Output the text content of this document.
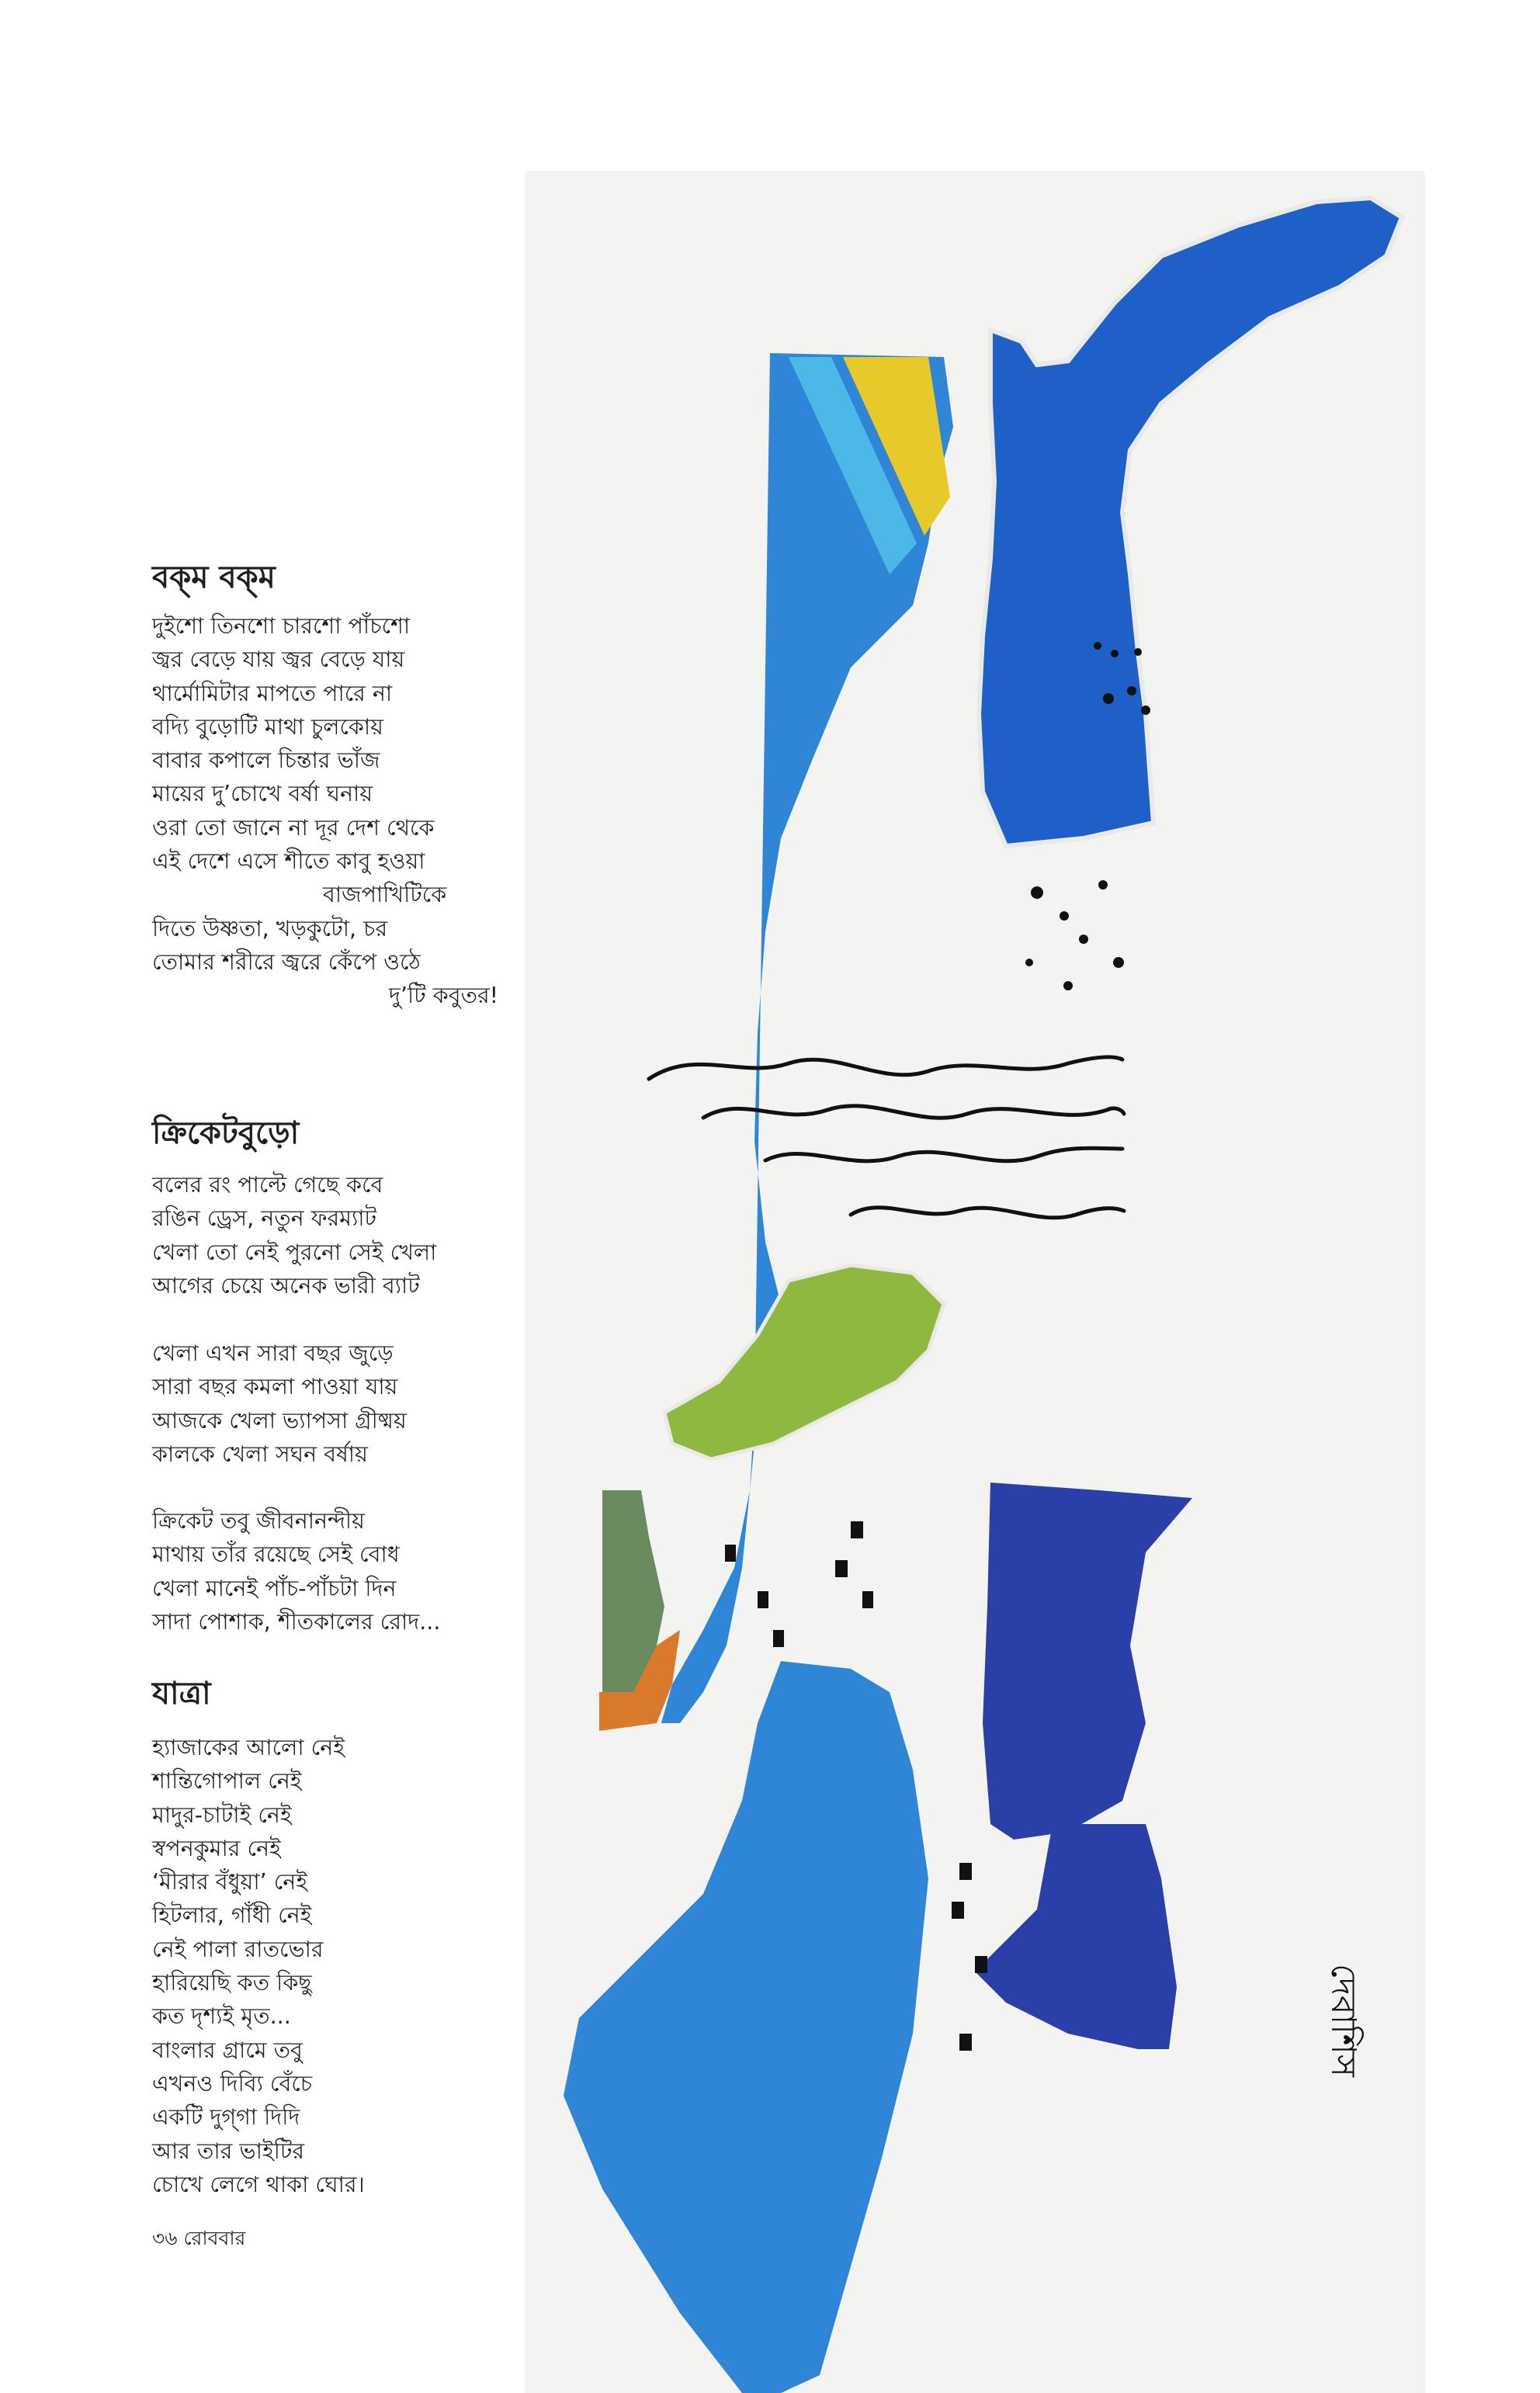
বক্‌ম বক্‌ম
দুইশো তিনশো চারশো পাঁচশো
জ্বর বেড়ে যায় জ্বর বেড়ে যায়
থার্মোমিটার মাপতে পারে না
বদ্যি বুড়োটি মাথা চুলকোয়
বাবার কপালে চিন্তার ভাঁজ
মায়ের দু’চোখে বর্ষা ঘনায়
ওরা তো জানে না দূর দেশ থেকে
এই দেশে এসে শীতে কাবু হওয়া
বাজপাখিটিকে
দিতে উষ্ণতা, খড়কুটো, চর
তোমার শরীরে জ্বরে কেঁপে ওঠে
দু’টি কবুতর!
ক্রিকেটবুড়ো
বলের রং পাল্টে গেছে কবে
রঙিন ড্রেস, নতুন ফরম্যাট
খেলা তো নেই পুরনো সেই খেলা
আগের চেয়ে অনেক ভারী ব্যাট
খেলা এখন সারা বছর জুড়ে
সারা বছর কমলা পাওয়া যায়
আজকে খেলা ভ্যাপসা গ্রীষ্ময়
কালকে খেলা সঘন বর্ষায়
ক্রিকেট তবু জীবনানন্দীয়
মাথায় তাঁর রয়েছে সেই বোধ
খেলা মানেই পাঁচ-পাঁচটা দিন
সাদা পোশাক, শীতকালের রোদ...
যাত্রা
হ্যাজাকের আলো নেই
শান্তিগোপাল নেই
মাদুর-চাটাই নেই
স্বপনকুমার নেই
‘মীরার বঁধুয়া’ নেই
হিটলার, গাঁধী নেই
নেই পালা রাতভোর
হারিয়েছি কত কিছু
কত দৃশ্যই মৃত...
বাংলার গ্রামে তবু
এখনও দিব্যি বেঁচে
একটি দুগ্‌গা দিদি
আর তার ভাইটির
চোখে লেগে থাকা ঘোর।
৩৬ রোববার
দেবাশিস
